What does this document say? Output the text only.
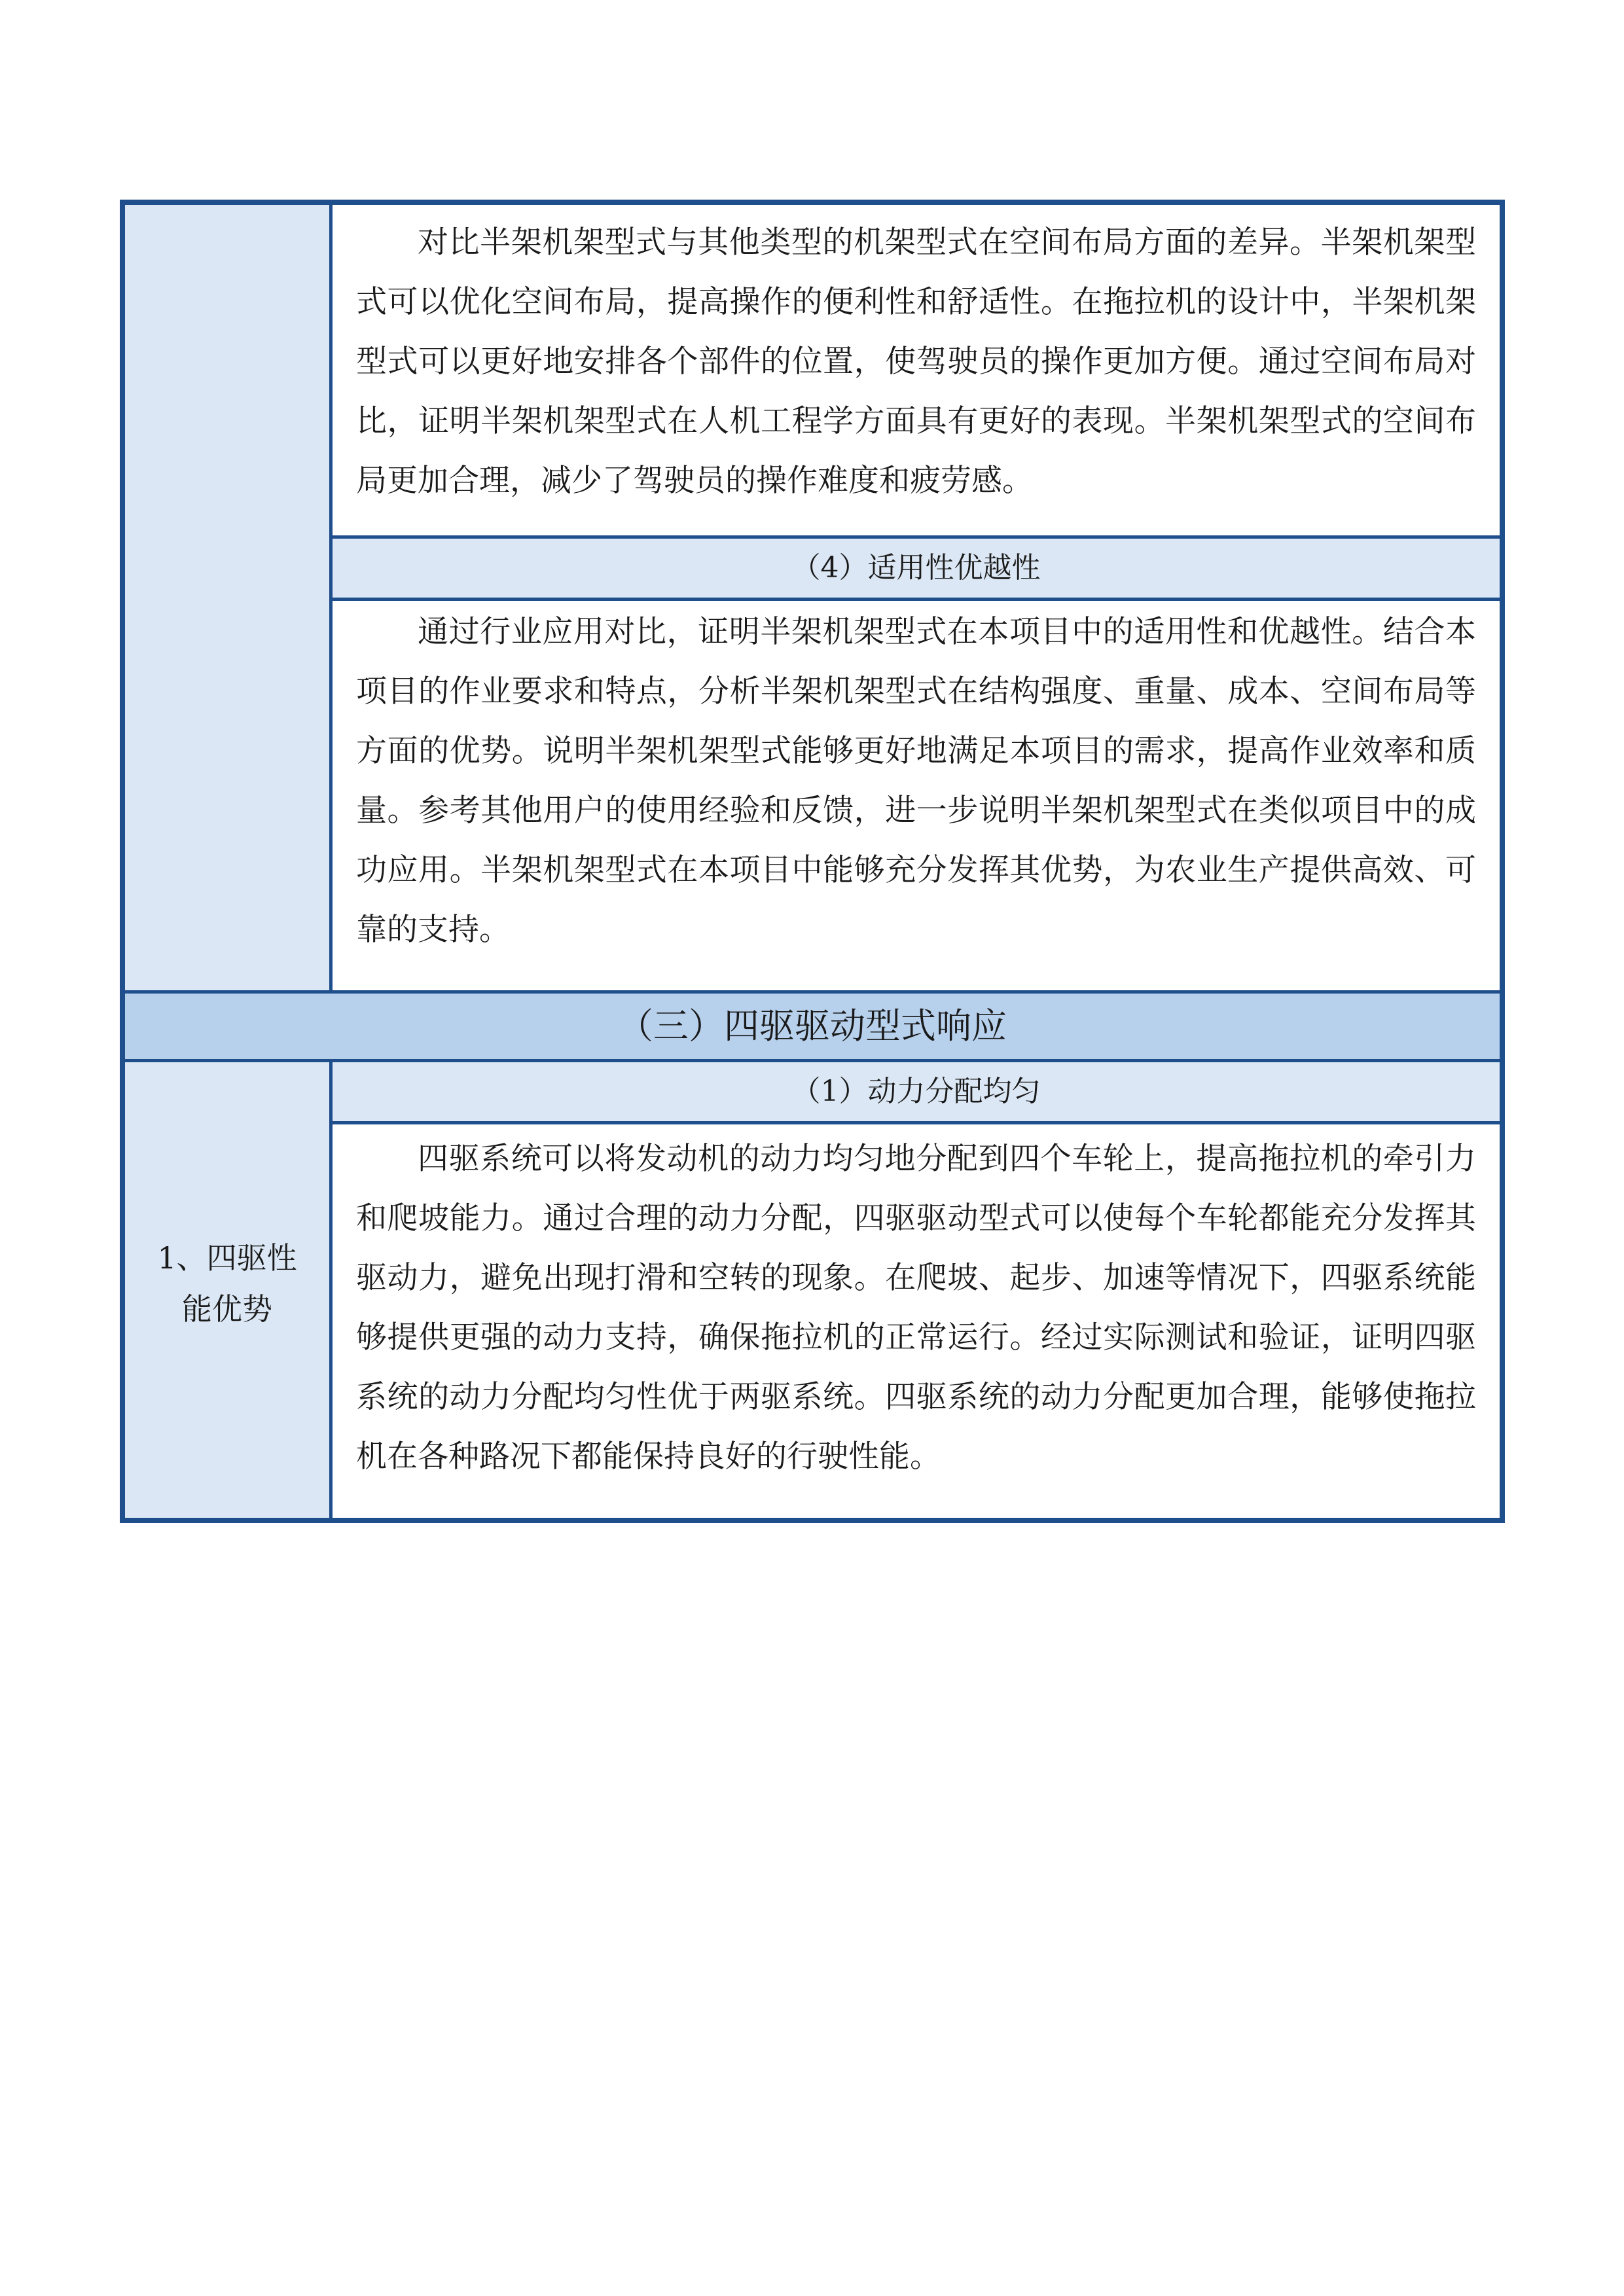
对比半架机架型式与其他类型的机架型式在空间布局方面的差异。半架机架型式可以优化空间布局，提高操作的便利性和舒适性。在拖拉机的设计中，半架机架型式可以更好地安排各个部件的位置，使驾驶员的操作更加方便。通过空间布局对比，证明半架机架型式在人机工程学方面具有更好的表现。半架机架型式的空间布局更加合理，减少了驾驶员的操作难度和疲劳感。
（4）适用性优越性
通过行业应用对比，证明半架机架型式在本项目中的适用性和优越性。结合本项目的作业要求和特点，分析半架机架型式在结构强度、重量、成本、空间布局等方面的优势。说明半架机架型式能够更好地满足本项目的需求，提高作业效率和质量。参考其他用户的使用经验和反馈，进一步说明半架机架型式在类似项目中的成功应用。半架机架型式在本项目中能够充分发挥其优势，为农业生产提供高效、可靠的支持。
（三）四驱驱动型式响应
1、四驱性能优势
（1）动力分配均匀
四驱系统可以将发动机的动力均匀地分配到四个车轮上，提高拖拉机的牵引力和爬坡能力。通过合理的动力分配，四驱驱动型式可以使每个车轮都能充分发挥其驱动力，避免出现打滑和空转的现象。在爬坡、起步、加速等情况下，四驱系统能够提供更强的动力支持，确保拖拉机的正常运行。经过实际测试和验证，证明四驱系统的动力分配均匀性优于两驱系统。四驱系统的动力分配更加合理，能够使拖拉机在各种路况下都能保持良好的行驶性能。
